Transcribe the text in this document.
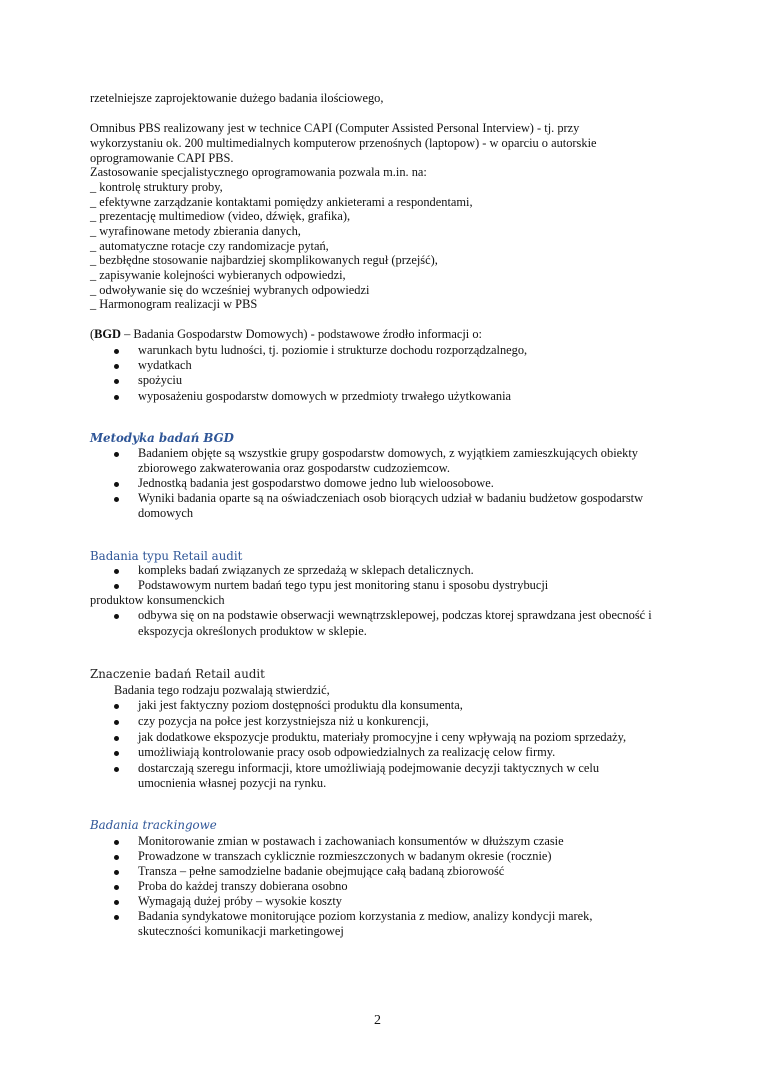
rzetelniejsze zaprojektowanie dużego badania ilościowego,
Omnibus PBS realizowany jest w technice CAPI (Computer Assisted Personal Interview) - tj. przy
wykorzystaniu ok. 200 multimedialnych komputerow przenośnych (laptopow) - w oparciu o autorskie
oprogramowanie CAPI PBS.
Zastosowanie specjalistycznego oprogramowania pozwala m.in. na:
_ kontrolę struktury proby,
_ efektywne zarządzanie kontaktami pomiędzy ankieterami a respondentami,
_ prezentację multimediow (video, dźwięk, grafika),
_ wyrafinowane metody zbierania danych,
_ automatyczne rotacje czy randomizacje pytań,
_ bezbłędne stosowanie najbardziej skomplikowanych reguł (przejść),
_ zapisywanie kolejności wybieranych odpowiedzi,
_ odwoływanie się do wcześniej wybranych odpowiedzi
_ Harmonogram realizacji w PBS
(BGD – Badania Gospodarstw Domowych) - podstawowe źrodło informacji o:
warunkach bytu ludności, tj. poziomie i strukturze dochodu rozporządzalnego,
wydatkach
spożyciu
wyposażeniu gospodarstw domowych w przedmioty trwałego użytkowania
Metodyka badań BGD
Badaniem objęte są wszystkie grupy gospodarstw domowych, z wyjątkiem zamieszkujących obiekty
zbiorowego zakwaterowania oraz gospodarstw cudzoziemcow.
Jednostką badania jest gospodarstwo domowe jedno lub wieloosobowe.
Wyniki badania oparte są na oświadczeniach osob biorących udział w badaniu budżetow gospodarstw
domowych
Badania typu Retail audit
kompleks badań związanych ze sprzedażą w sklepach detalicznych.
Podstawowym nurtem badań tego typu jest monitoring stanu i sposobu dystrybucji
produktow konsumenckich
odbywa się on na podstawie obserwacji wewnątrzsklepowej, podczas ktorej sprawdzana jest obecność i
ekspozycja określonych produktow w sklepie.
Znaczenie badań Retail audit
Badania tego rodzaju pozwalają stwierdzić,
jaki jest faktyczny poziom dostępności produktu dla konsumenta,
czy pozycja na połce jest korzystniejsza niż u konkurencji,
jak dodatkowe ekspozycje produktu, materiały promocyjne i ceny wpływają na poziom sprzedaży,
umożliwiają kontrolowanie pracy osob odpowiedzialnych za realizację celow firmy.
dostarczają szeregu informacji, ktore umożliwiają podejmowanie decyzji taktycznych w celu
umocnienia własnej pozycji na rynku.
Badania trackingowe
Monitorowanie zmian w postawach i zachowaniach konsumentów w dłuższym czasie
Prowadzone w transzach cyklicznie rozmieszczonych w badanym okresie (rocznie)
Transza – pełne samodzielne badanie obejmujące całą badaną zbiorowość
Proba do każdej transzy dobierana osobno
Wymagają dużej próby – wysokie koszty
Badania syndykatowe monitorujące poziom korzystania z mediow, analizy kondycji marek,
skuteczności komunikacji marketingowej
2
